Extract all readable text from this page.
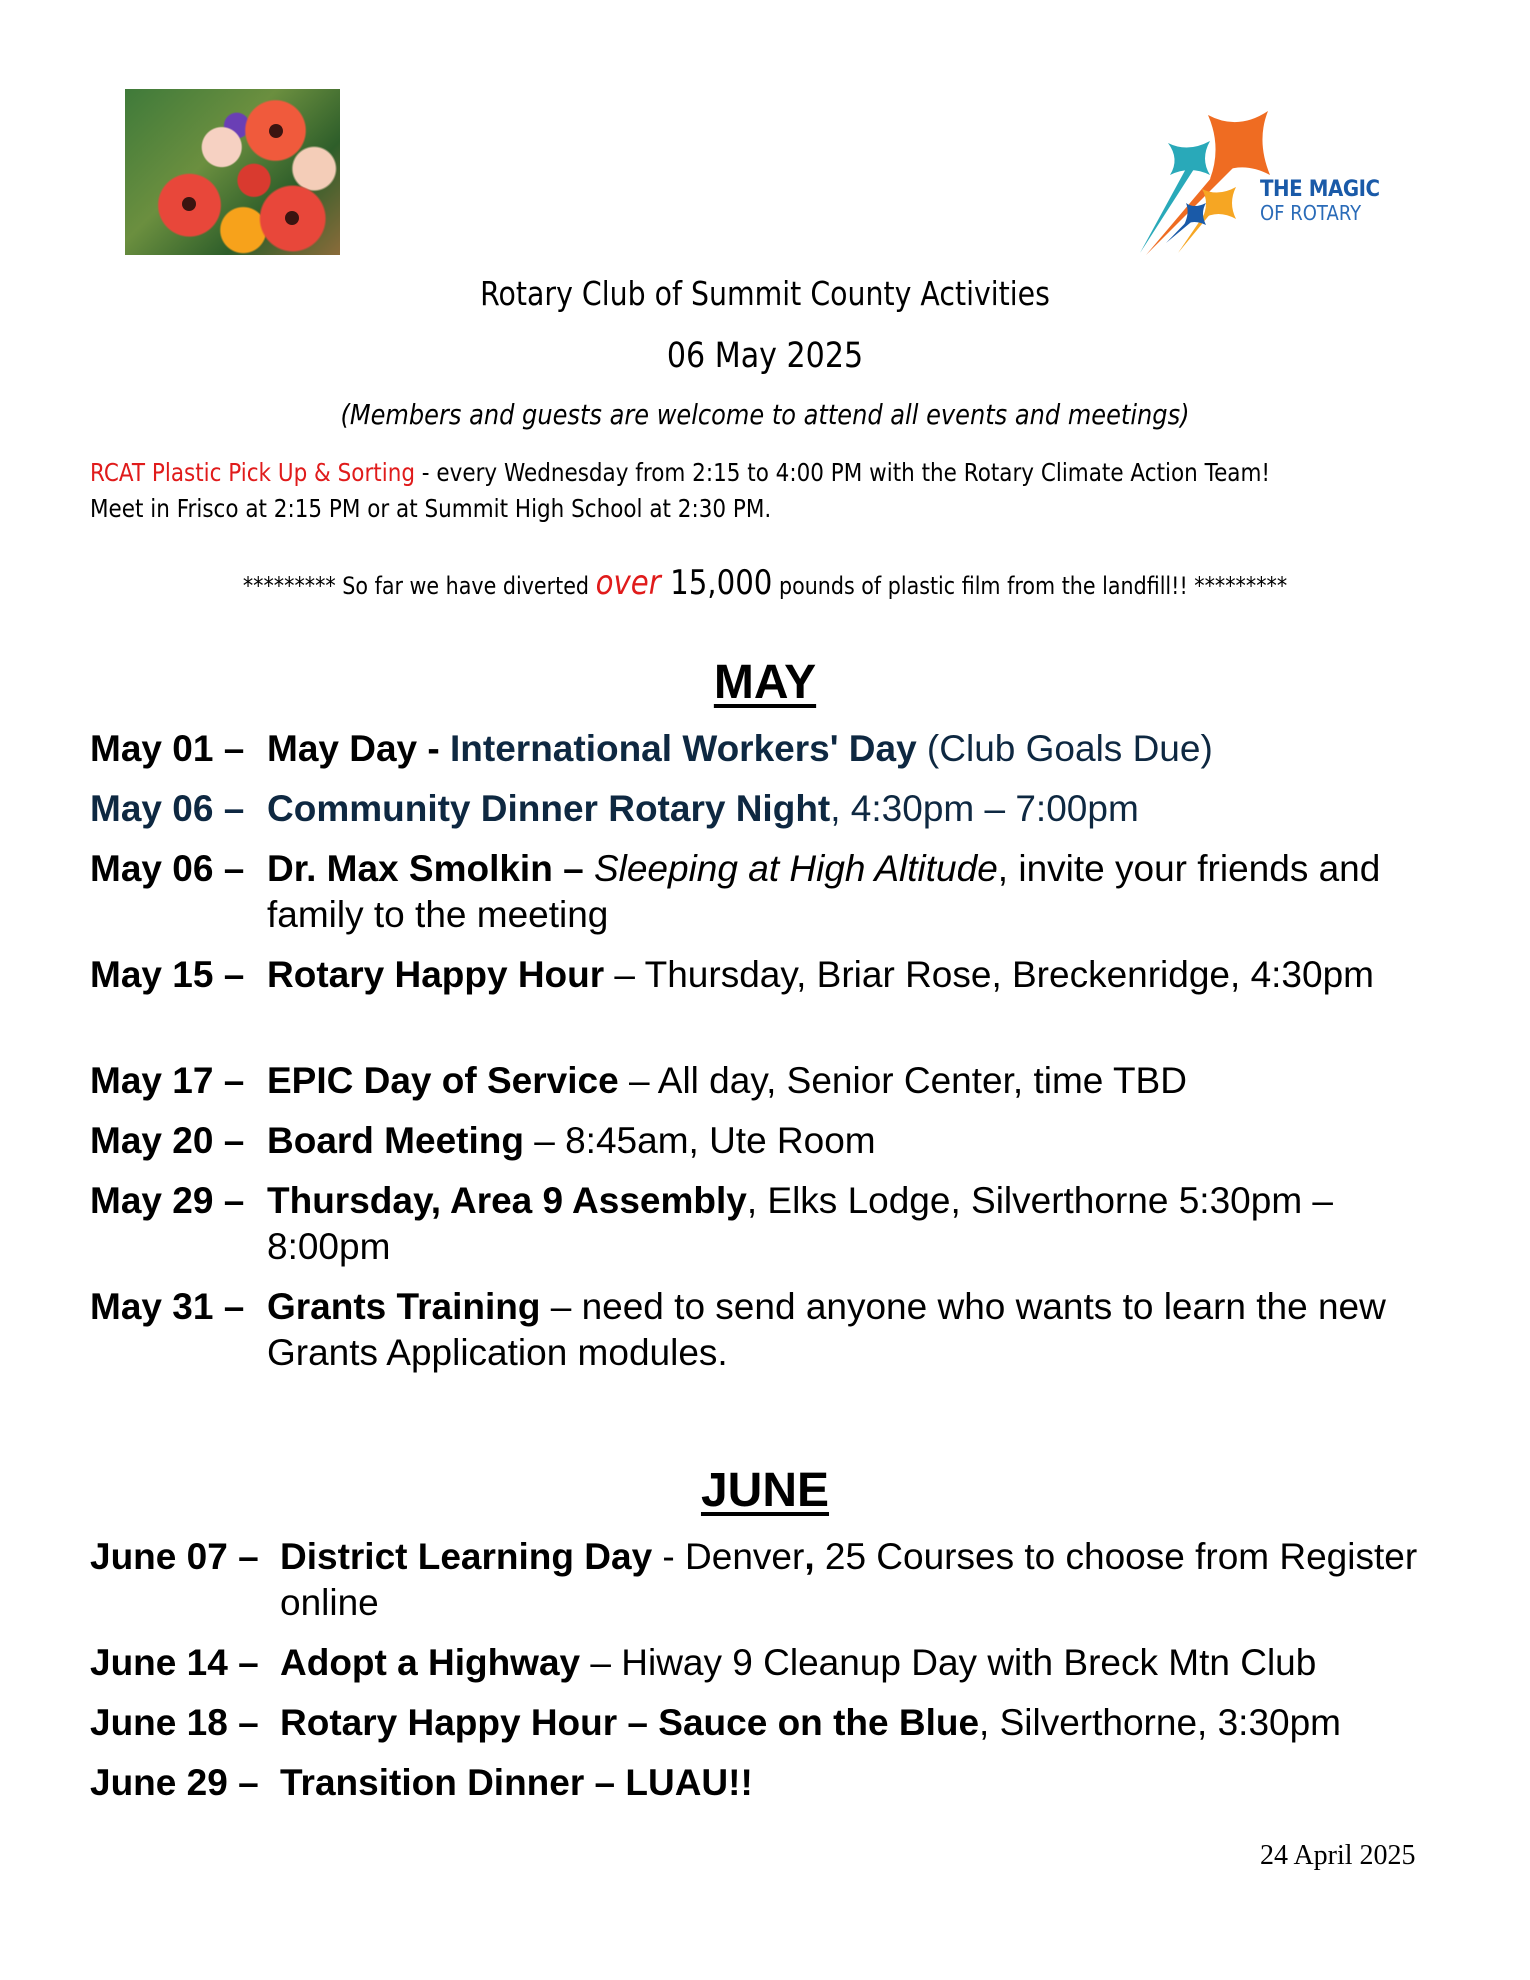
THE MAGIC
OF ROTARY
Rotary Club of Summit County Activities
06 May 2025
(Members and guests are welcome to attend all events and meetings)
RCAT Plastic Pick Up & Sorting - every Wednesday from 2:15 to 4:00 PM with the Rotary Climate Action Team! Meet in Frisco at 2:15 PM or at Summit High School at 2:30 PM.
********* So far we have diverted over 15,000 pounds of plastic film from the landfill!! *********
MAY
May 01 – May Day - International Workers' Day (Club Goals Due)
May 06 – Community Dinner Rotary Night, 4:30pm – 7:00pm
May 06 – Dr. Max Smolkin – Sleeping at High Altitude, invite your friends and family to the meeting
May 15 – Rotary Happy Hour – Thursday, Briar Rose, Breckenridge, 4:30pm
May 17 – EPIC Day of Service – All day, Senior Center, time TBD
May 20 – Board Meeting – 8:45am, Ute Room
May 29 – Thursday, Area 9 Assembly, Elks Lodge, Silverthorne 5:30pm – 8:00pm
May 31 – Grants Training – need to send anyone who wants to learn the new Grants Application modules.
JUNE
June 07 – District Learning Day - Denver, 25 Courses to choose from Register online
June 14 – Adopt a Highway – Hiway 9 Cleanup Day with Breck Mtn Club
June 18 – Rotary Happy Hour – Sauce on the Blue, Silverthorne, 3:30pm
June 29 – Transition Dinner – LUAU!!
24 April 2025
